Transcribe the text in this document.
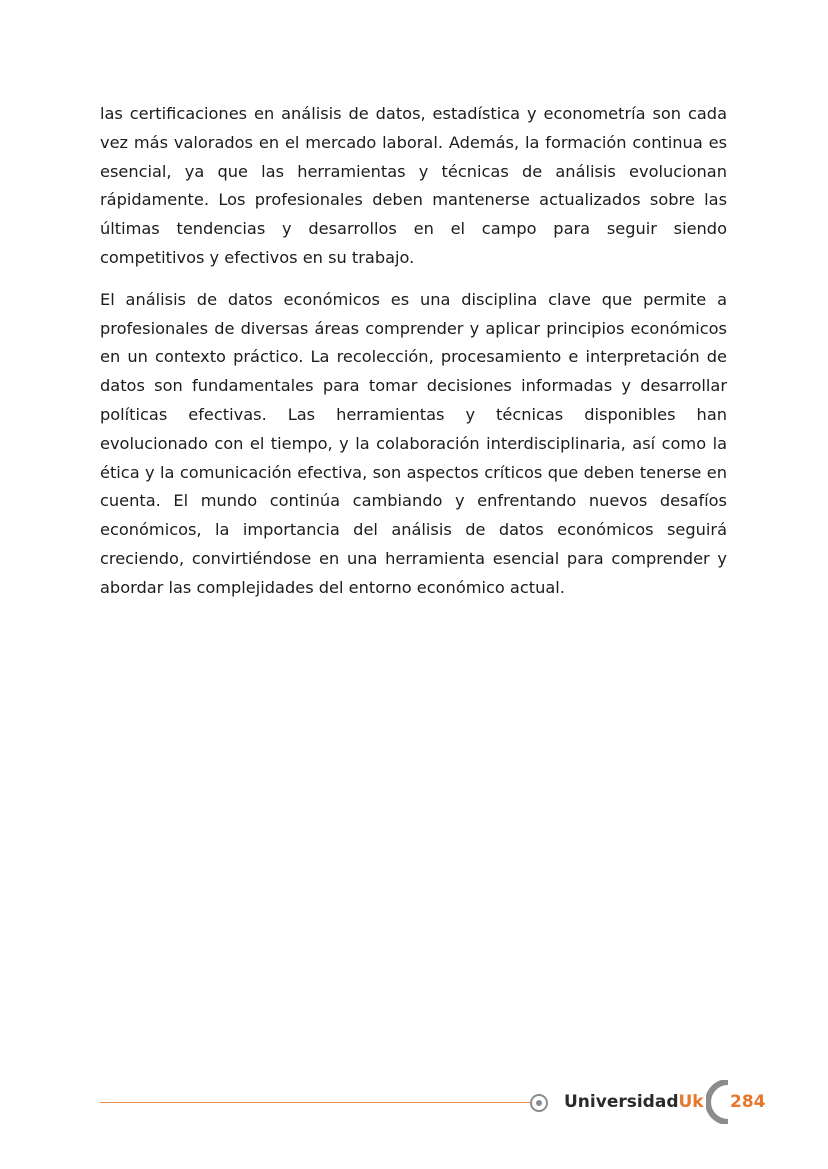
las certificaciones en análisis de datos, estadística y econometría son cada vez más valorados en el mercado laboral. Además, la formación continua es esencial, ya que las herramientas y técnicas de análisis evolucionan rápidamente. Los profesionales deben mantenerse actualizados sobre las últimas tendencias y desarrollos en el campo para seguir siendo competitivos y efectivos en su trabajo.

El análisis de datos económicos es una disciplina clave que permite a profesionales de diversas áreas comprender y aplicar principios económicos en un contexto práctico. La recolección, procesamiento e interpretación de datos son fundamentales para tomar decisiones informadas y desarrollar políticas efectivas. Las herramientas y técnicas disponibles han evolucionado con el tiempo, y la colaboración interdisciplinaria, así como la ética y la comunicación efectiva, son aspectos críticos que deben tenerse en cuenta. El mundo continúa cambiando y enfrentando nuevos desafíos económicos, la importancia del análisis de datos económicos seguirá creciendo, convirtiéndose en una herramienta esencial para comprender y abordar las complejidades del entorno económico actual.

UniversidadUk 284
